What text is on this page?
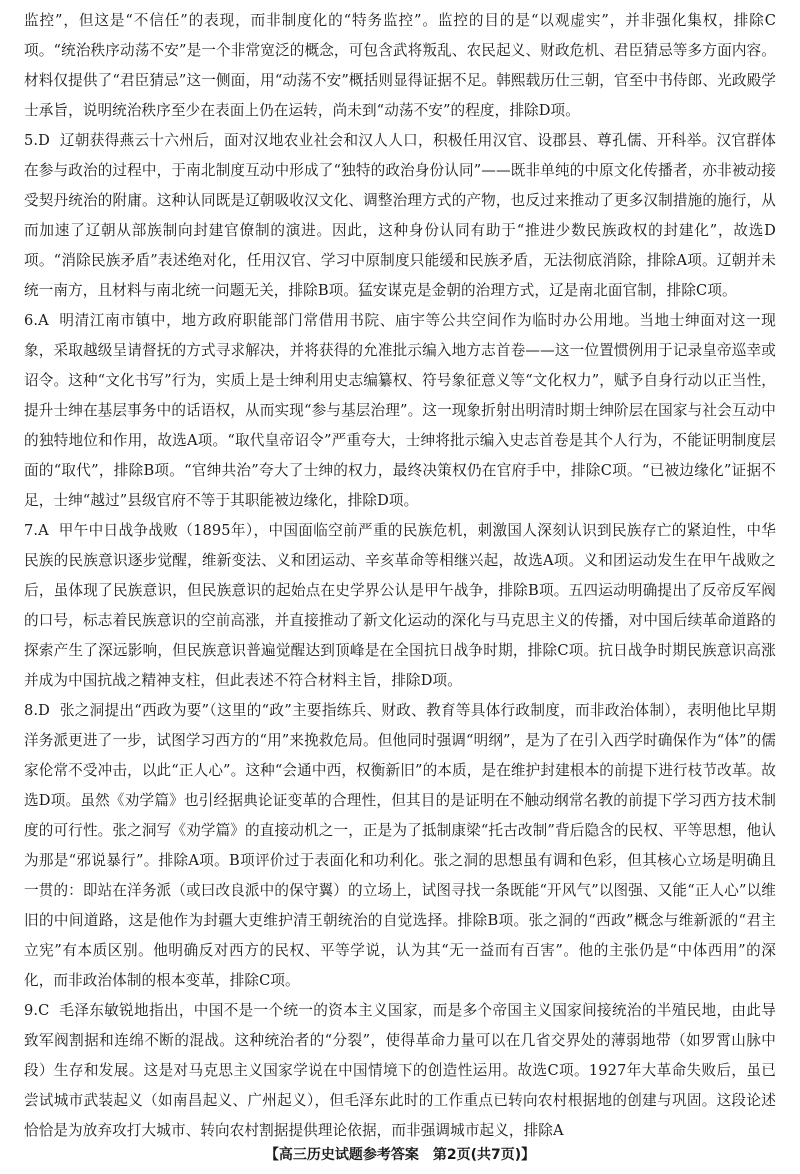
监控”，但这是“不信任”的表现，而非制度化的“特务监控”。监控的目的是“以观虚实”，并非强化集权，排除C项。“统治秩序动荡不安”是一个非常宽泛的概念，可包含武将叛乱、农民起义、财政危机、君臣猜忌等多方面内容。材料仅提供了“君臣猜忌”这一侧面，用“动荡不安”概括则显得证据不足。韩熙载历仕三朝，官至中书侍郎、光政殿学士承旨，说明统治秩序至少在表面上仍在运转，尚未到“动荡不安”的程度，排除D项。

5.D 辽朝获得燕云十六州后，面对汉地农业社会和汉人人口，积极任用汉官、设郡县、尊孔儒、开科举。汉官群体在参与政治的过程中，于南北制度互动中形成了“独特的政治身份认同”——既非单纯的中原文化传播者，亦非被动接受契丹统治的附庸。这种认同既是辽朝吸收汉文化、调整治理方式的产物，也反过来推动了更多汉制措施的施行，从而加速了辽朝从部族制向封建官僚制的演进。因此，这种身份认同有助于“推进少数民族政权的封建化”，故选D项。“消除民族矛盾”表述绝对化，任用汉官、学习中原制度只能缓和民族矛盾，无法彻底消除，排除A项。辽朝并未统一南方，且材料与南北统一问题无关，排除B项。猛安谋克是金朝的治理方式，辽是南北面官制，排除C项。

6.A 明清江南市镇中，地方政府职能部门常借用书院、庙宇等公共空间作为临时办公用地。当地士绅面对这一现象，采取越级呈请督抚的方式寻求解决，并将获得的允准批示编入地方志首卷——这一位置惯例用于记录皇帝巡幸或诏令。这种“文化书写”行为，实质上是士绅利用史志编纂权、符号象征意义等“文化权力”，赋予自身行动以正当性，提升士绅在基层事务中的话语权，从而实现“参与基层治理”。这一现象折射出明清时期士绅阶层在国家与社会互动中的独特地位和作用，故选A项。“取代皇帝诏令”严重夸大，士绅将批示编入史志首卷是其个人行为，不能证明制度层面的“取代”，排除B项。“官绅共治”夸大了士绅的权力，最终决策权仍在官府手中，排除C项。“已被边缘化”证据不足，士绅“越过”县级官府不等于其职能被边缘化，排除D项。

7.A 甲午中日战争战败（1895年），中国面临空前严重的民族危机，刺激国人深刻认识到民族存亡的紧迫性，中华民族的民族意识逐步觉醒，维新变法、义和团运动、辛亥革命等相继兴起，故选A项。义和团运动发生在甲午战败之后，虽体现了民族意识，但民族意识的起始点在史学界公认是甲午战争，排除B项。五四运动明确提出了反帝反军阀的口号，标志着民族意识的空前高涨，并直接推动了新文化运动的深化与马克思主义的传播，对中国后续革命道路的探索产生了深远影响，但民族意识普遍觉醒达到顶峰是在全国抗日战争时期，排除C项。抗日战争时期民族意识高涨并成为中国抗战之精神支柱，但此表述不符合材料主旨，排除D项。

8.D 张之洞提出“西政为要”（这里的“政”主要指练兵、财政、教育等具体行政制度，而非政治体制），表明他比早期洋务派更进了一步，试图学习西方的“用”来挽救危局。但他同时强调“明纲”，是为了在引入西学时确保作为“体”的儒家伦常不受冲击，以此“正人心”。这种“会通中西，权衡新旧”的本质，是在维护封建根本的前提下进行枝节改革。故选D项。虽然《劝学篇》也引经据典论证变革的合理性，但其目的是证明在不触动纲常名教的前提下学习西方技术制度的可行性。张之洞写《劝学篇》的直接动机之一，正是为了抵制康梁“托古改制”背后隐含的民权、平等思想，他认为那是“邪说暴行”。排除A项。B项评价过于表面化和功利化。张之洞的思想虽有调和色彩，但其核心立场是明确且一贯的：即站在洋务派（或曰改良派中的保守翼）的立场上，试图寻找一条既能“开风气”以图强、又能“正人心”以维旧的中间道路，这是他作为封疆大吏维护清王朝统治的自觉选择。排除B项。张之洞的“西政”概念与维新派的“君主立宪”有本质区别。他明确反对西方的民权、平等学说，认为其“无一益而有百害”。他的主张仍是“中体西用”的深化，而非政治体制的根本变革，排除C项。

9.C 毛泽东敏锐地指出，中国不是一个统一的资本主义国家，而是多个帝国主义国家间接统治的半殖民地，由此导致军阀割据和连绵不断的混战。这种统治者的“分裂”，使得革命力量可以在几省交界处的薄弱地带（如罗霄山脉中段）生存和发展。这是对马克思主义国家学说在中国情境下的创造性运用。故选C项。1927年大革命失败后，虽已尝试城市武装起义（如南昌起义、广州起义），但毛泽东此时的工作重点已转向农村根据地的创建与巩固。这段论述恰恰是为放弃攻打大城市、转向农村割据提供理论依据，而非强调城市起义，排除A

【高三历史试题参考答案　第2页(共7页)】
